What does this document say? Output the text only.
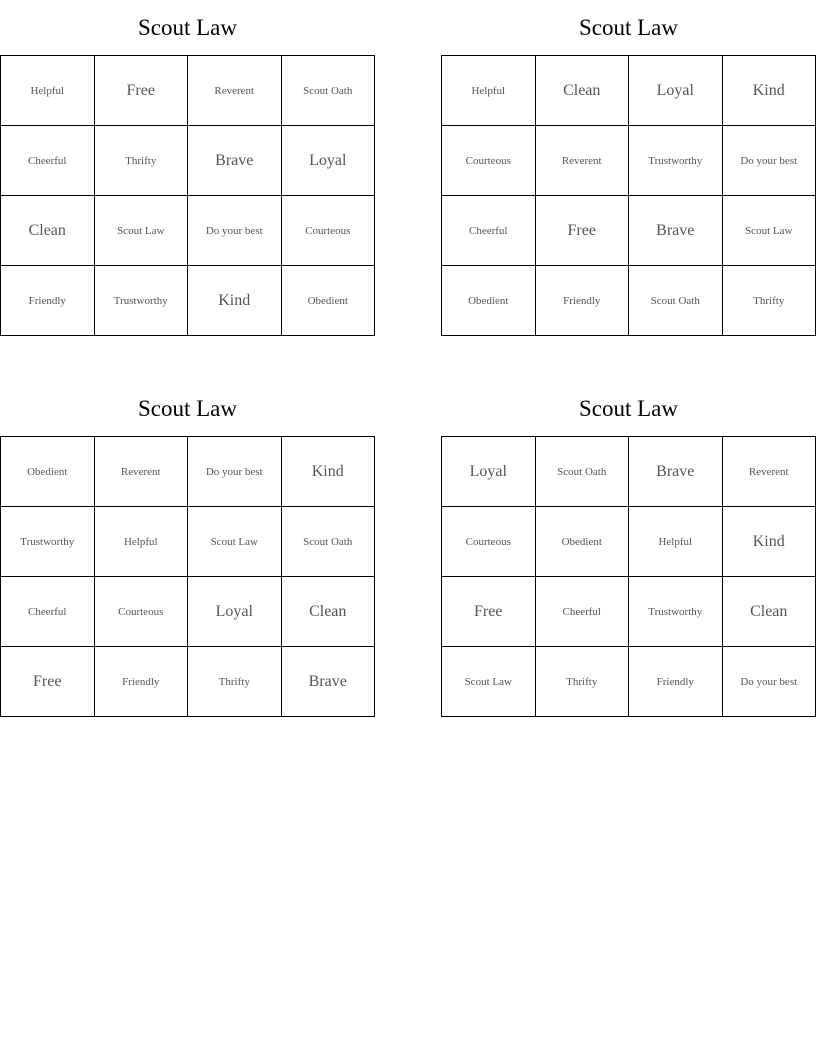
Scout Law
Helpful	Free	Reverent	Scout Oath
Cheerful	Thrifty	Brave	Loyal
Clean	Scout Law	Do your best	Courteous
Friendly	Trustworthy	Kind	Obedient
Scout Law
Helpful	Clean	Loyal	Kind
Courteous	Reverent	Trustworthy	Do your best
Cheerful	Free	Brave	Scout Law
Obedient	Friendly	Scout Oath	Thrifty
Scout Law
Obedient	Reverent	Do your best	Kind
Trustworthy	Helpful	Scout Law	Scout Oath
Cheerful	Courteous	Loyal	Clean
Free	Friendly	Thrifty	Brave
Scout Law
Loyal	Scout Oath	Brave	Reverent
Courteous	Obedient	Helpful	Kind
Free	Cheerful	Trustworthy	Clean
Scout Law	Thrifty	Friendly	Do your best
